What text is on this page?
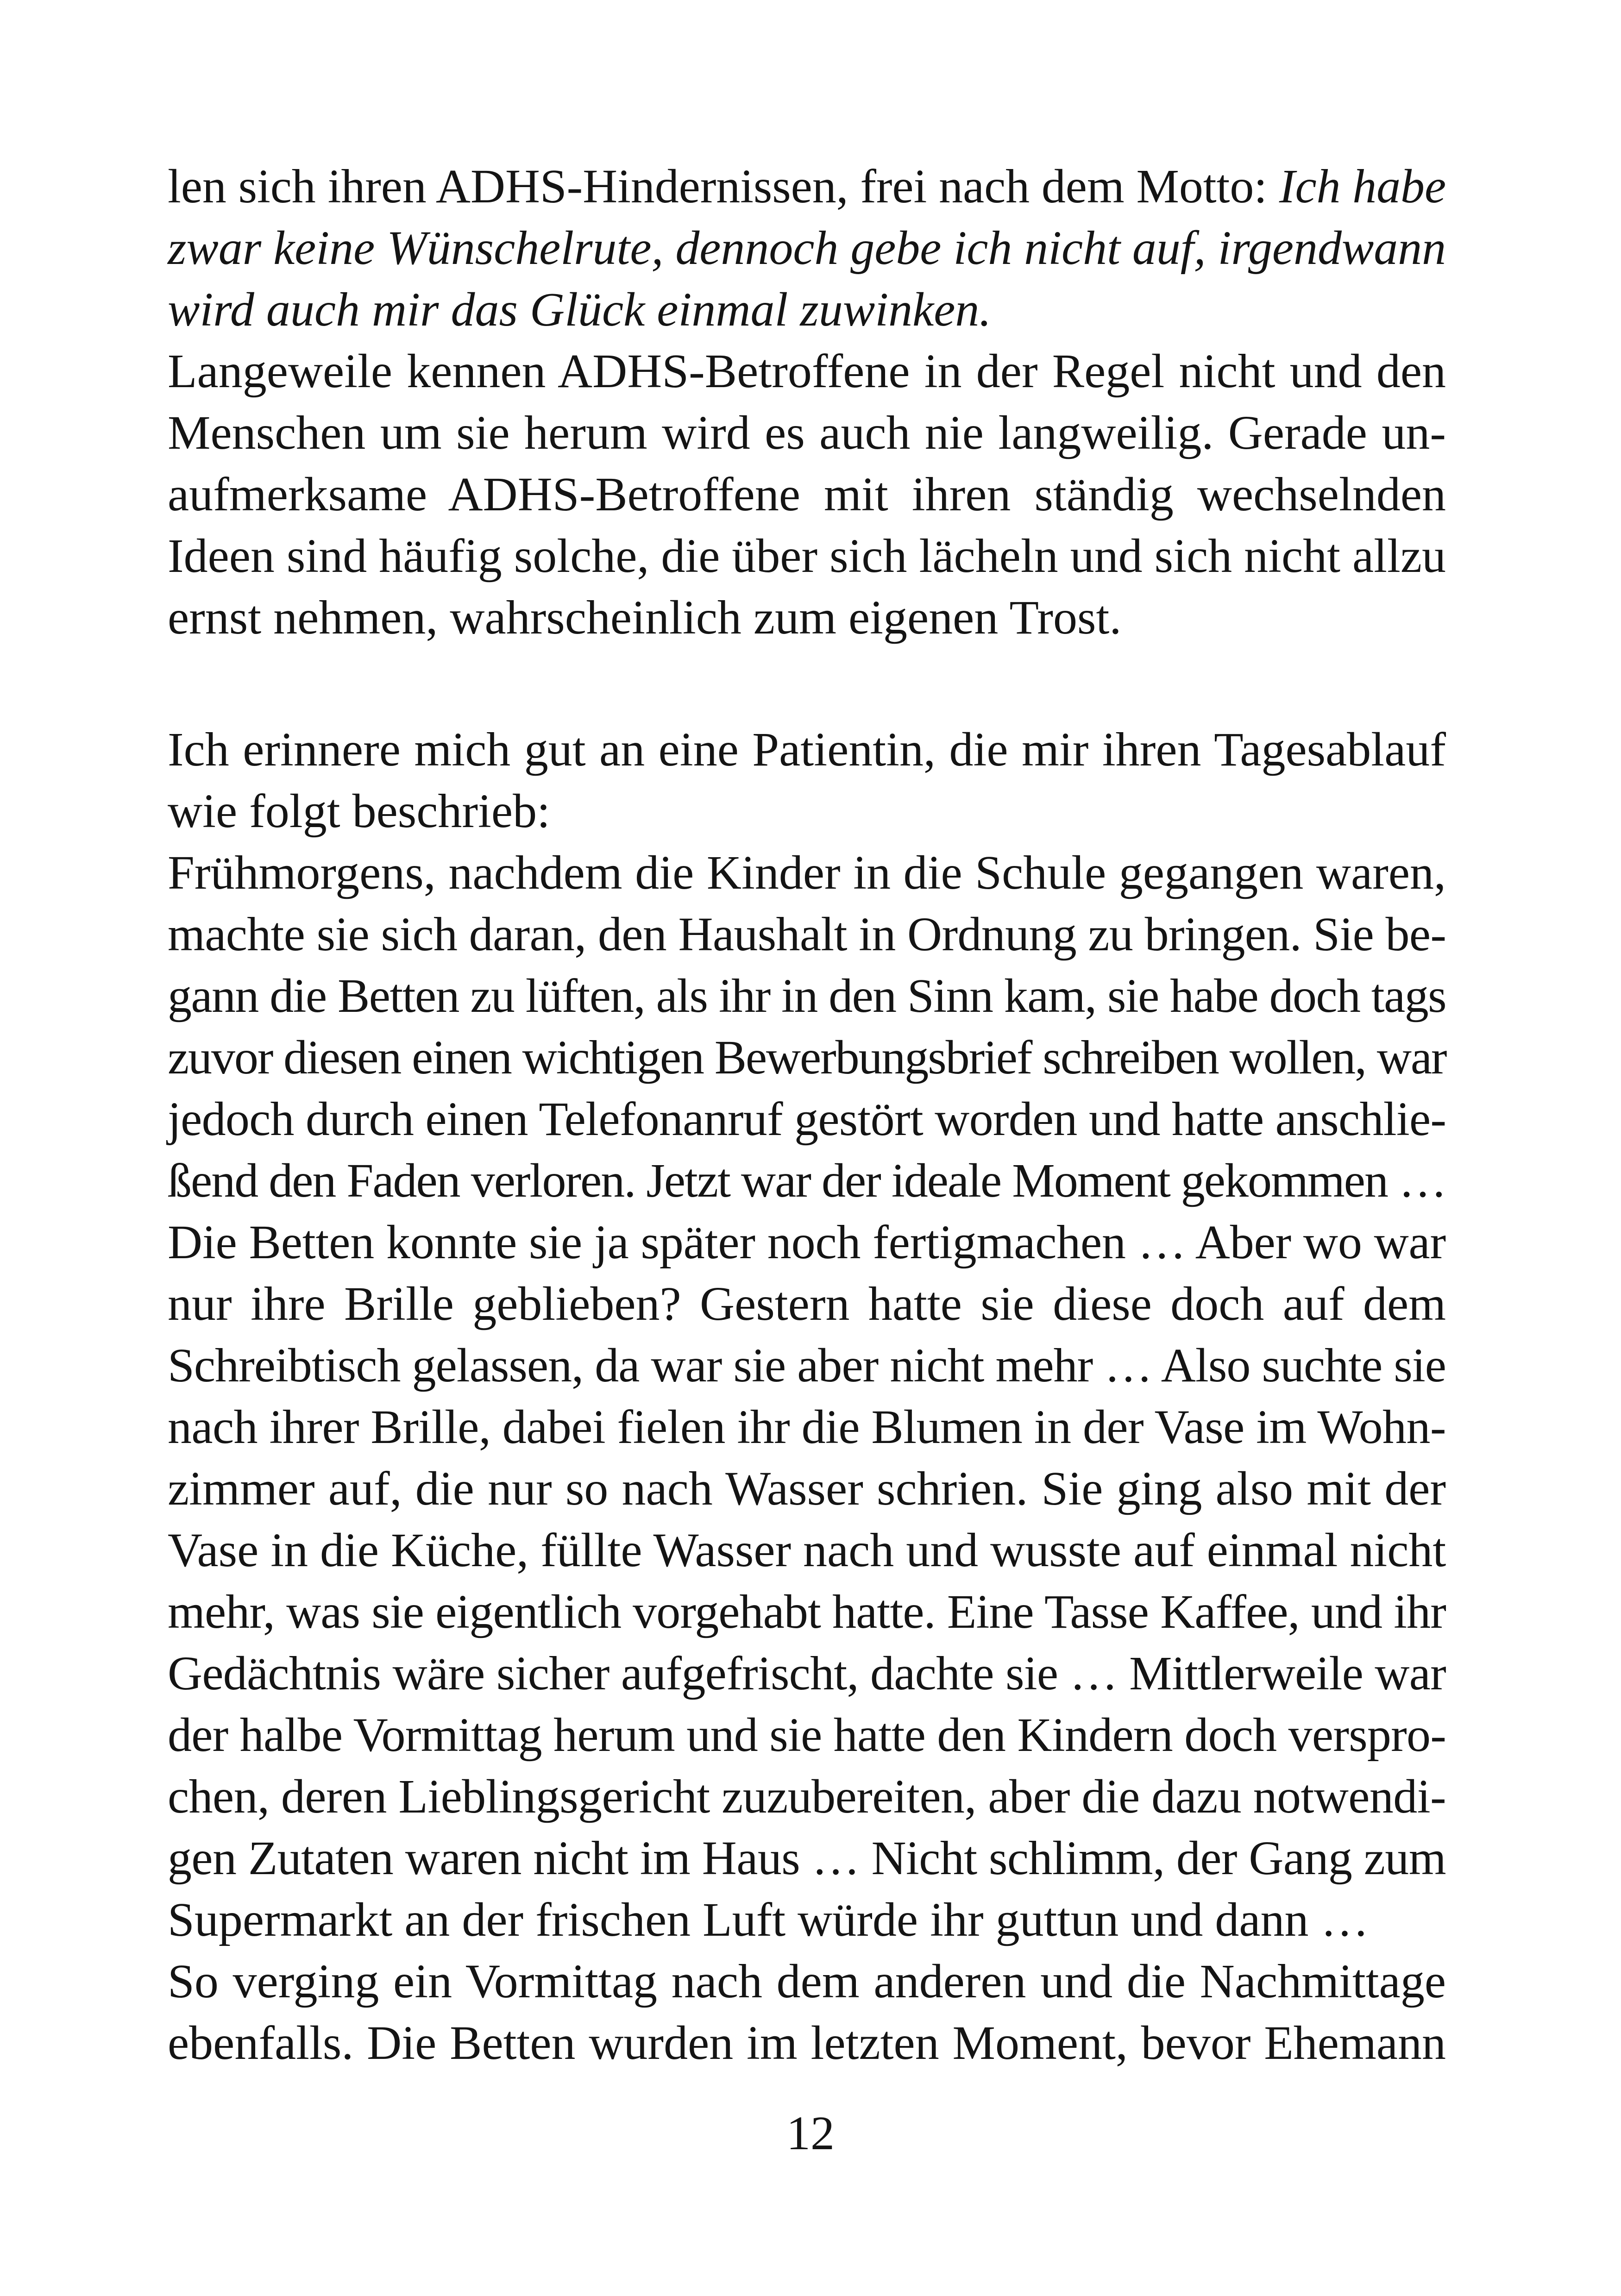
len sich ihren ADHS-Hindernissen, frei nach dem Motto: Ich habe
zwar keine Wünschelrute, dennoch gebe ich nicht auf, irgendwann
wird auch mir das Glück einmal zuwinken.
Langeweile kennen ADHS-Betroffene in der Regel nicht und den
Menschen um sie herum wird es auch nie langweilig. Gerade un-
aufmerksame ADHS-Betroffene mit ihren ständig wechselnden
Ideen sind häufig solche, die über sich lächeln und sich nicht allzu
ernst nehmen, wahrscheinlich zum eigenen Trost.
Ich erinnere mich gut an eine Patientin, die mir ihren Tagesablauf
wie folgt beschrieb:
Frühmorgens, nachdem die Kinder in die Schule gegangen waren,
machte sie sich daran, den Haushalt in Ordnung zu bringen. Sie be-
gann die Betten zu lüften, als ihr in den Sinn kam, sie habe doch tags
zuvor diesen einen wichtigen Bewerbungsbrief schreiben wollen, war
jedoch durch einen Telefonanruf gestört worden und hatte anschlie-
ßend den Faden verloren. Jetzt war der ideale Moment gekommen …
Die Betten konnte sie ja später noch fertigmachen … Aber wo war
nur ihre Brille geblieben? Gestern hatte sie diese doch auf dem
Schreibtisch gelassen, da war sie aber nicht mehr … Also suchte sie
nach ihrer Brille, dabei fielen ihr die Blumen in der Vase im Wohn-
zimmer auf, die nur so nach Wasser schrien. Sie ging also mit der
Vase in die Küche, füllte Wasser nach und wusste auf einmal nicht
mehr, was sie eigentlich vorgehabt hatte. Eine Tasse Kaffee, und ihr
Gedächtnis wäre sicher aufgefrischt, dachte sie … Mittlerweile war
der halbe Vormittag herum und sie hatte den Kindern doch verspro-
chen, deren Lieblingsgericht zuzubereiten, aber die dazu notwendi-
gen Zutaten waren nicht im Haus … Nicht schlimm, der Gang zum
Supermarkt an der frischen Luft würde ihr guttun und dann …
So verging ein Vormittag nach dem anderen und die Nachmittage
ebenfalls. Die Betten wurden im letzten Moment, bevor Ehemann
12
